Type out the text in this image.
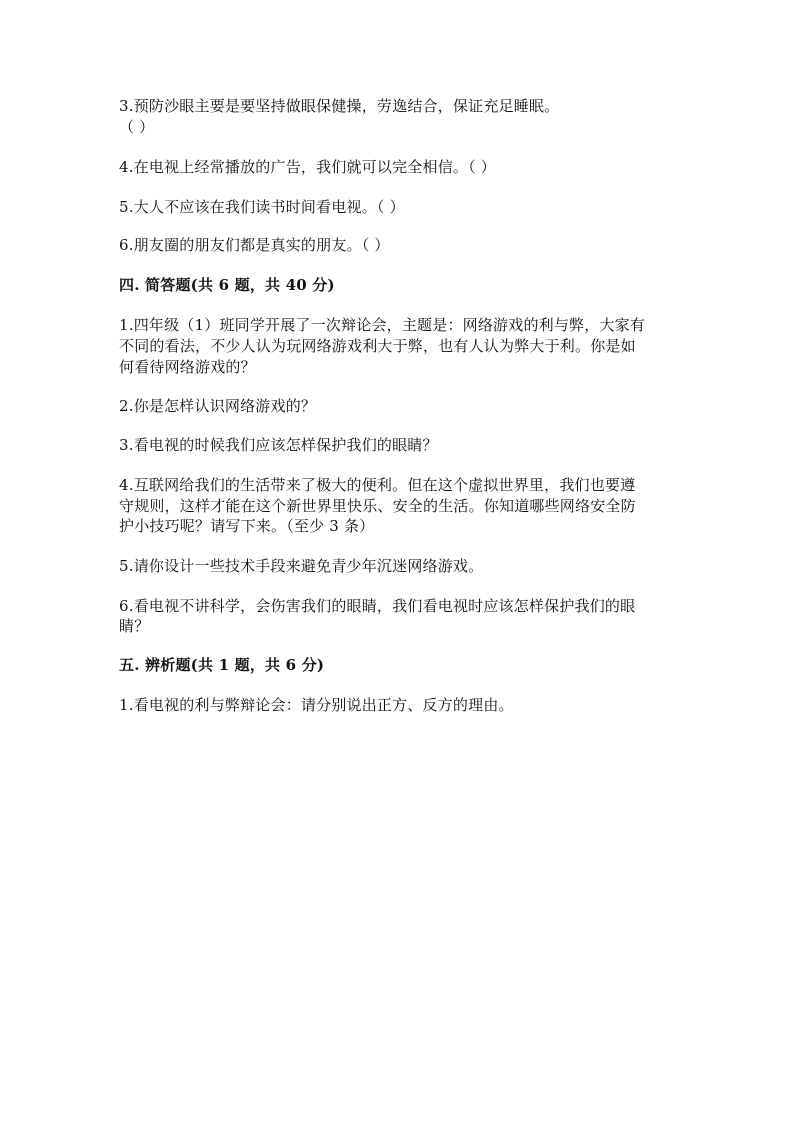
3.预防沙眼主要是要坚持做眼保健操，劳逸结合，保证充足睡眠。
（ ）
4.在电视上经常播放的广告，我们就可以完全相信。（ ）
5.大人不应该在我们读书时间看电视。（ ）
6.朋友圈的朋友们都是真实的朋友。（ ）
四. 简答题(共 6 题，共 40 分)
1.四年级（1）班同学开展了一次辩论会，主题是：网络游戏的利与弊，大家有
不同的看法，不少人认为玩网络游戏利大于弊，也有人认为弊大于利。你是如
何看待网络游戏的？
2.你是怎样认识网络游戏的？
3.看电视的时候我们应该怎样保护我们的眼睛？
4.互联网给我们的生活带来了极大的便利。但在这个虚拟世界里，我们也要遵
守规则，这样才能在这个新世界里快乐、安全的生活。你知道哪些网络安全防
护小技巧呢？请写下来。（至少 3 条）
5.请你设计一些技术手段来避免青少年沉迷网络游戏。
6.看电视不讲科学，会伤害我们的眼睛，我们看电视时应该怎样保护我们的眼
睛？
五. 辨析题(共 1 题，共 6 分)
1.看电视的利与弊辩论会：请分别说出正方、反方的理由。
